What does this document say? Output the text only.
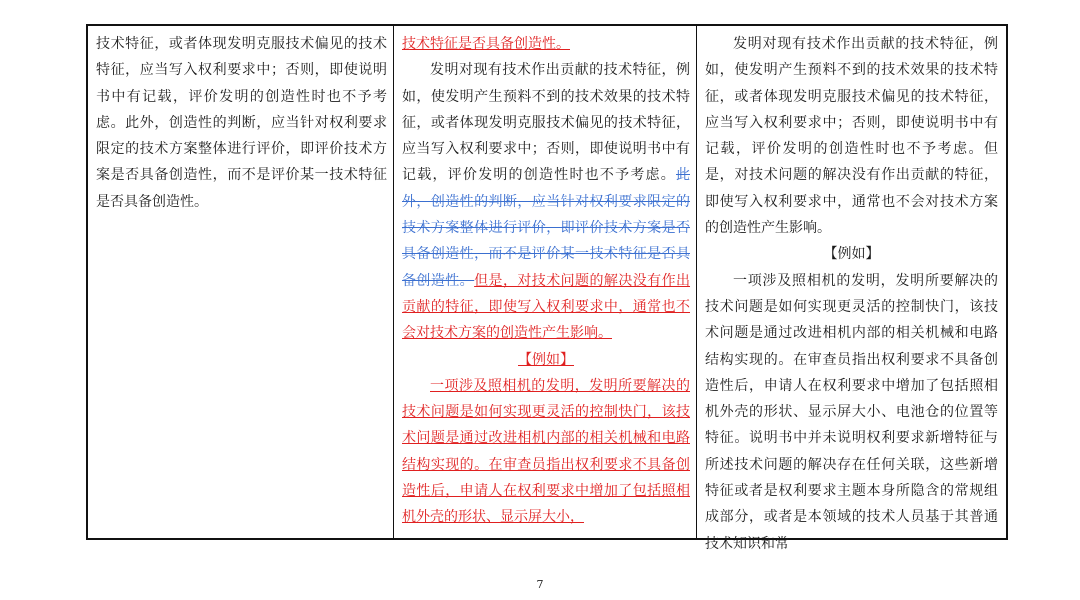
技术特征，或者体现发明克服技术偏见的技术特征，应当写入权利要求中；否则，即使说明书中有记载，评价发明的创造性时也不予考虑。此外，创造性的判断，应当针对权利要求限定的技术方案整体进行评价，即评价技术方案是否具备创造性，而不是评价某一技术特征是否具备创造性。

技术特征是否具备创造性。

发明对现有技术作出贡献的技术特征，例如，使发明产生预料不到的技术效果的技术特征，或者体现发明克服技术偏见的技术特征，应当写入权利要求中；否则，即使说明书中有记载，评价发明的创造性时也不予考虑。此外，创造性的判断，应当针对权利要求限定的技术方案整体进行评价，即评价技术方案是否具备创造性，而不是评价某一技术特征是否具备创造性。但是，对技术问题的解决没有作出贡献的特征，即使写入权利要求中，通常也不会对技术方案的创造性产生影响。

【例如】

一项涉及照相机的发明，发明所要解决的技术问题是如何实现更灵活的控制快门，该技术问题是通过改进相机内部的相关机械和电路结构实现的。在审查员指出权利要求不具备创造性后，申请人在权利要求中增加了包括照相机外壳的形状、显示屏大小，

发明对现有技术作出贡献的技术特征，例如，使发明产生预料不到的技术效果的技术特征，或者体现发明克服技术偏见的技术特征，应当写入权利要求中；否则，即使说明书中有记载，评价发明的创造性时也不予考虑。但是，对技术问题的解决没有作出贡献的特征，即使写入权利要求中，通常也不会对技术方案的创造性产生影响。

【例如】

一项涉及照相机的发明，发明所要解决的技术问题是如何实现更灵活的控制快门，该技术问题是通过改进相机内部的相关机械和电路结构实现的。在审查员指出权利要求不具备创造性后，申请人在权利要求中增加了包括照相机外壳的形状、显示屏大小、电池仓的位置等特征。说明书中并未说明权利要求新增特征与所述技术问题的解决存在任何关联，这些新增特征或者是权利要求主题本身所隐含的常规组成部分，或者是本领域的技术人员基于其普通技术知识和常

7
